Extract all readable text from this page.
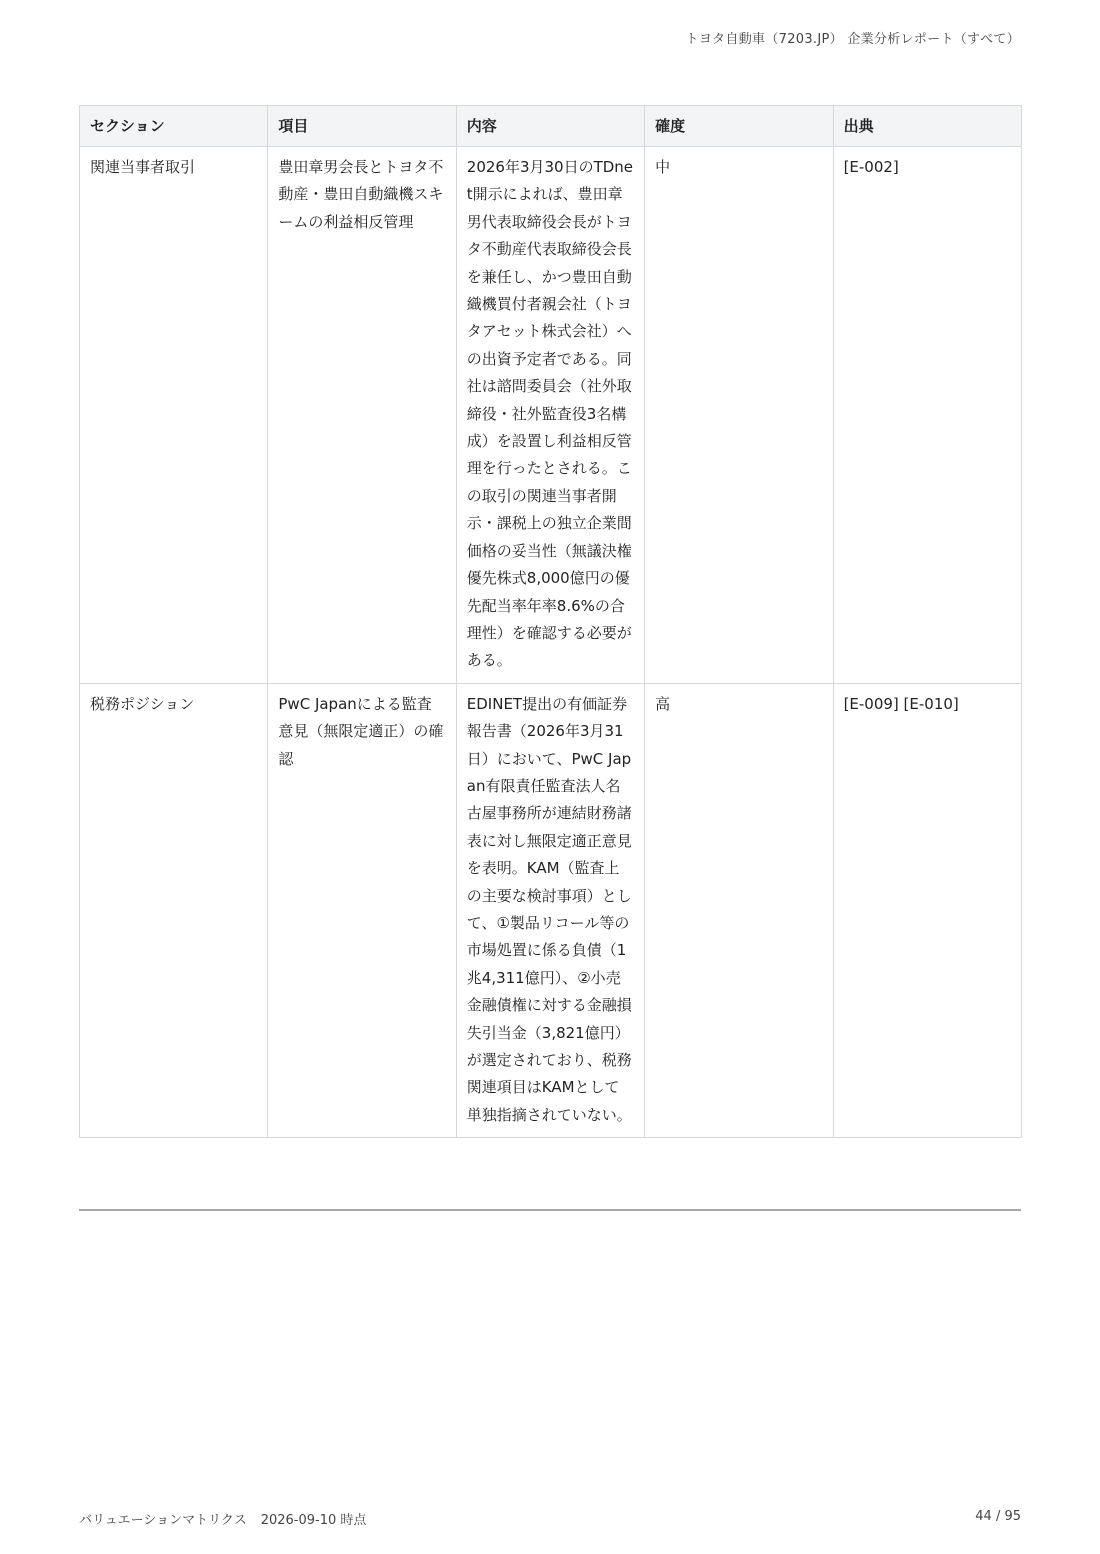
トヨタ自動車（7203.JP） 企業分析レポート（すべて）
セクション	項目	内容	確度	出典
関連当事者取引	豊田章男会長とトヨタ不動産・豊田自動織機スキームの利益相反管理	2026年3月30日のTDnet開示によれば、豊田章男代表取締役会長がトヨタ不動産代表取締役会長を兼任し、かつ豊田自動織機買付者親会社（トヨタアセット株式会社）への出資予定者である。同社は諮問委員会（社外取締役・社外監査役3名構成）を設置し利益相反管理を行ったとされる。この取引の関連当事者開示・課税上の独立企業間価格の妥当性（無議決権優先株式8,000億円の優先配当率年率8.6%の合理性）を確認する必要がある。	中	[E-002]
税務ポジション	PwC Japanによる監査意見（無限定適正）の確認	EDINET提出の有価証券報告書（2026年3月31日）において、PwC Japan有限責任監査法人名古屋事務所が連結財務諸表に対し無限定適正意見を表明。KAM（監査上の主要な検討事項）として、①製品リコール等の市場処置に係る負債（1兆4,311億円）、②小売金融債権に対する金融損失引当金（3,821億円）が選定されており、税務関連項目はKAMとして単独指摘されていない。	高	[E-009] [E-010]
バリュエーションマトリクス 2026-09-10 時点	44 / 95
